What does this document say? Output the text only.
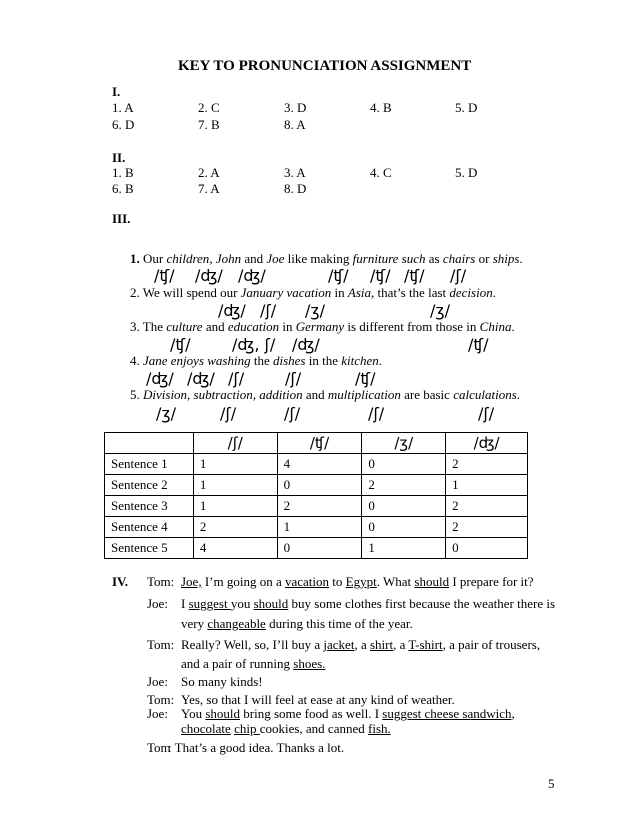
KEY TO PRONUNCIATION ASSIGNMENT
I.
1. A	2. C	3. D	4. B	5. D
6. D	7. B	8. A
II.
1. B	2. A	3. A	4. C	5. D
6. B	7. A	8. D
III.
1. Our children, John and Joe like making furniture such as chairs or ships.
/ʧ/ /ʤ/ /ʤ/	/ʧ/ /ʧ/ /ʧ/ /ʃ/
2. We will spend our January vacation in Asia, that’s the last decision.
/ʤ/ /ʃ/ /ʒ/	/ʒ/
3. The culture and education in Germany is different from those in China.
/ʧ/	/ʤ, ʃ/ /ʤ/	/ʧ/
4. Jane enjoys washing the dishes in the kitchen.
/ʤ/ /ʤ/ /ʃ/	/ʃ/	/ʧ/
5. Division, subtraction, addition and multiplication are basic calculations.
/ʒ/	/ʃ/	/ʃ/	/ʃ/	/ʃ/
	/ʃ/	/ʧ/	/ʒ/	/ʤ/
Sentence 1	1	4	0	2
Sentence 2	1	0	2	1
Sentence 3	1	2	0	2
Sentence 4	2	1	0	2
Sentence 5	4	0	1	0
IV. Tom: Joe, I’m going on a vacation to Egypt. What should I prepare for it?
Joe: I suggest you should buy some clothes first because the weather there is
very changeable during this time of the year.
Tom: Really? Well, so, I’ll buy a jacket, a shirt, a T-shirt, a pair of trousers,
and a pair of running shoes.
Joe: So many kinds!
Tom: Yes, so that I will feel at ease at any kind of weather.
Joe: You should bring some food as well. I suggest cheese sandwich,
chocolate chip cookies, and canned fish.
Tom
: That’s a good idea. Thanks a lot.
5
